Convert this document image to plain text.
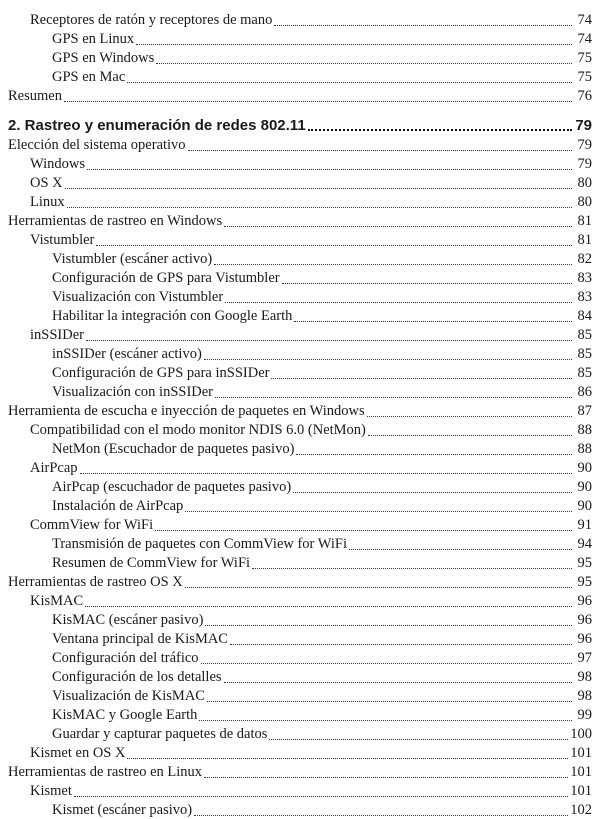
Receptores de ratón y receptores de mano	74
GPS en Linux	74
GPS en Windows	75
GPS en Mac	75
Resumen	76
2. Rastreo y enumeración de redes 802.11	79
Elección del sistema operativo	79
Windows	79
OS X	80
Linux	80
Herramientas de rastreo en Windows	81
Vistumbler	81
Vistumbler (escáner activo)	82
Configuración de GPS para Vistumbler	83
Visualización con Vistumbler	83
Habilitar la integración con Google Earth	84
inSSIDer	85
inSSIDer (escáner activo)	85
Configuración de GPS para inSSIDer	85
Visualización con inSSIDer	86
Herramienta de escucha e inyección de paquetes en Windows	87
Compatibilidad con el modo monitor NDIS 6.0 (NetMon)	88
NetMon (Escuchador de paquetes pasivo)	88
AirPcap	90
AirPcap (escuchador de paquetes pasivo)	90
Instalación de AirPcap	90
CommView for WiFi	91
Transmisión de paquetes con CommView for WiFi	94
Resumen de CommView for WiFi	95
Herramientas de rastreo OS X	95
KisMAC	96
KisMAC (escáner pasivo)	96
Ventana principal de KisMAC	96
Configuración del tráfico	97
Configuración de los detalles	98
Visualización de KisMAC	98
KisMAC y Google Earth	99
Guardar y capturar paquetes de datos	100
Kismet en OS X	101
Herramientas de rastreo en Linux	101
Kismet	101
Kismet (escáner pasivo)	102
